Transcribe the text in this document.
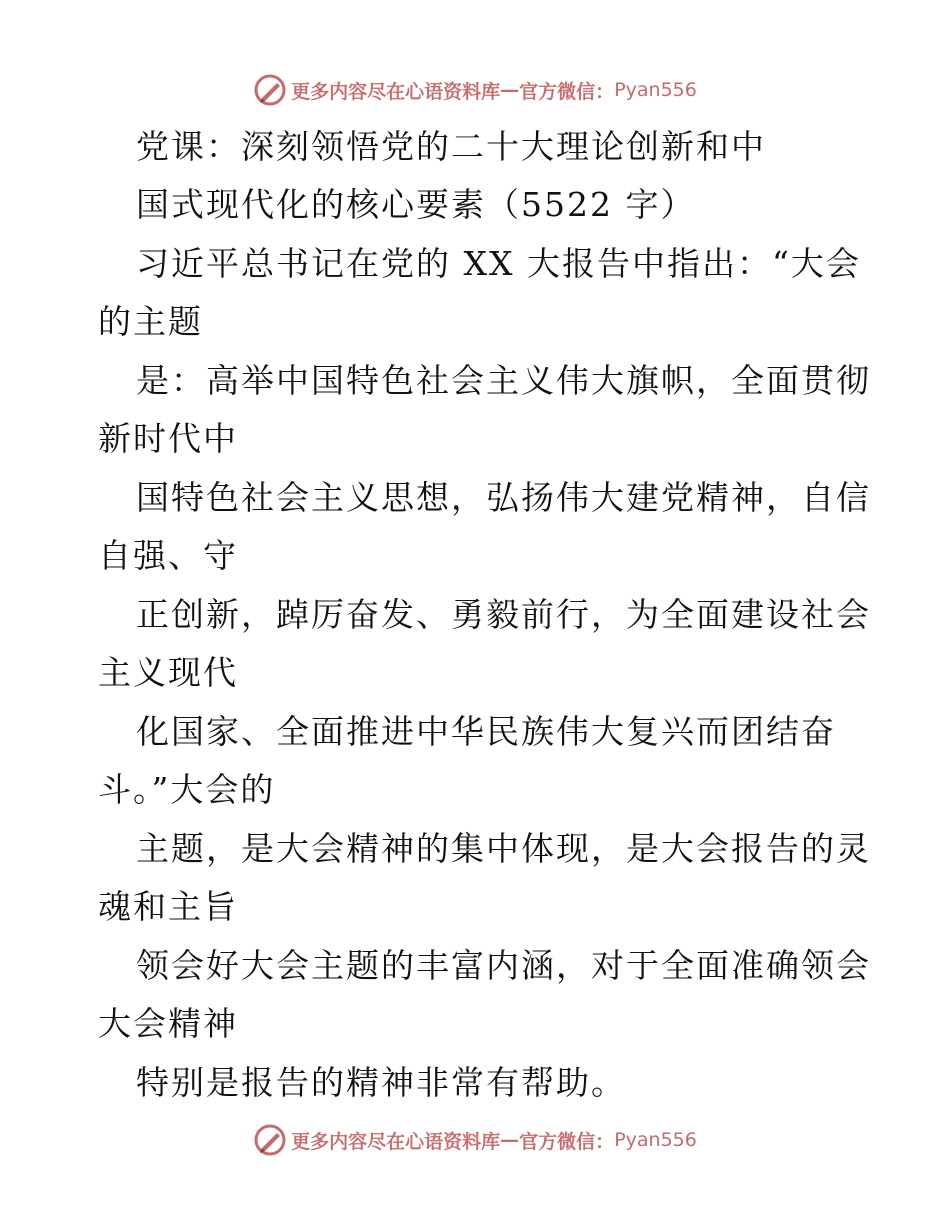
更多内容尽在心语资料库 — 官方微信： Pyan556
党课：深刻领悟党的二十大理论创新和中
国式现代化的核心要素（5522 字）
习近平总书记在党的 XX 大报告中指出：“大会
的主题
是：高举中国特色社会主义伟大旗帜，全面贯彻
新时代中
国特色社会主义思想，弘扬伟大建党精神，自信
自强、守
正创新，踔厉奋发、勇毅前行，为全面建设社会
主义现代
化国家、全面推进中华民族伟大复兴而团结奋
斗。”大会的
主题，是大会精神的集中体现，是大会报告的灵
魂和主旨
领会好大会主题的丰富内涵，对于全面准确领会
大会精神
特别是报告的精神非常有帮助。
更多内容尽在心语资料库 — 官方微信： Pyan556
